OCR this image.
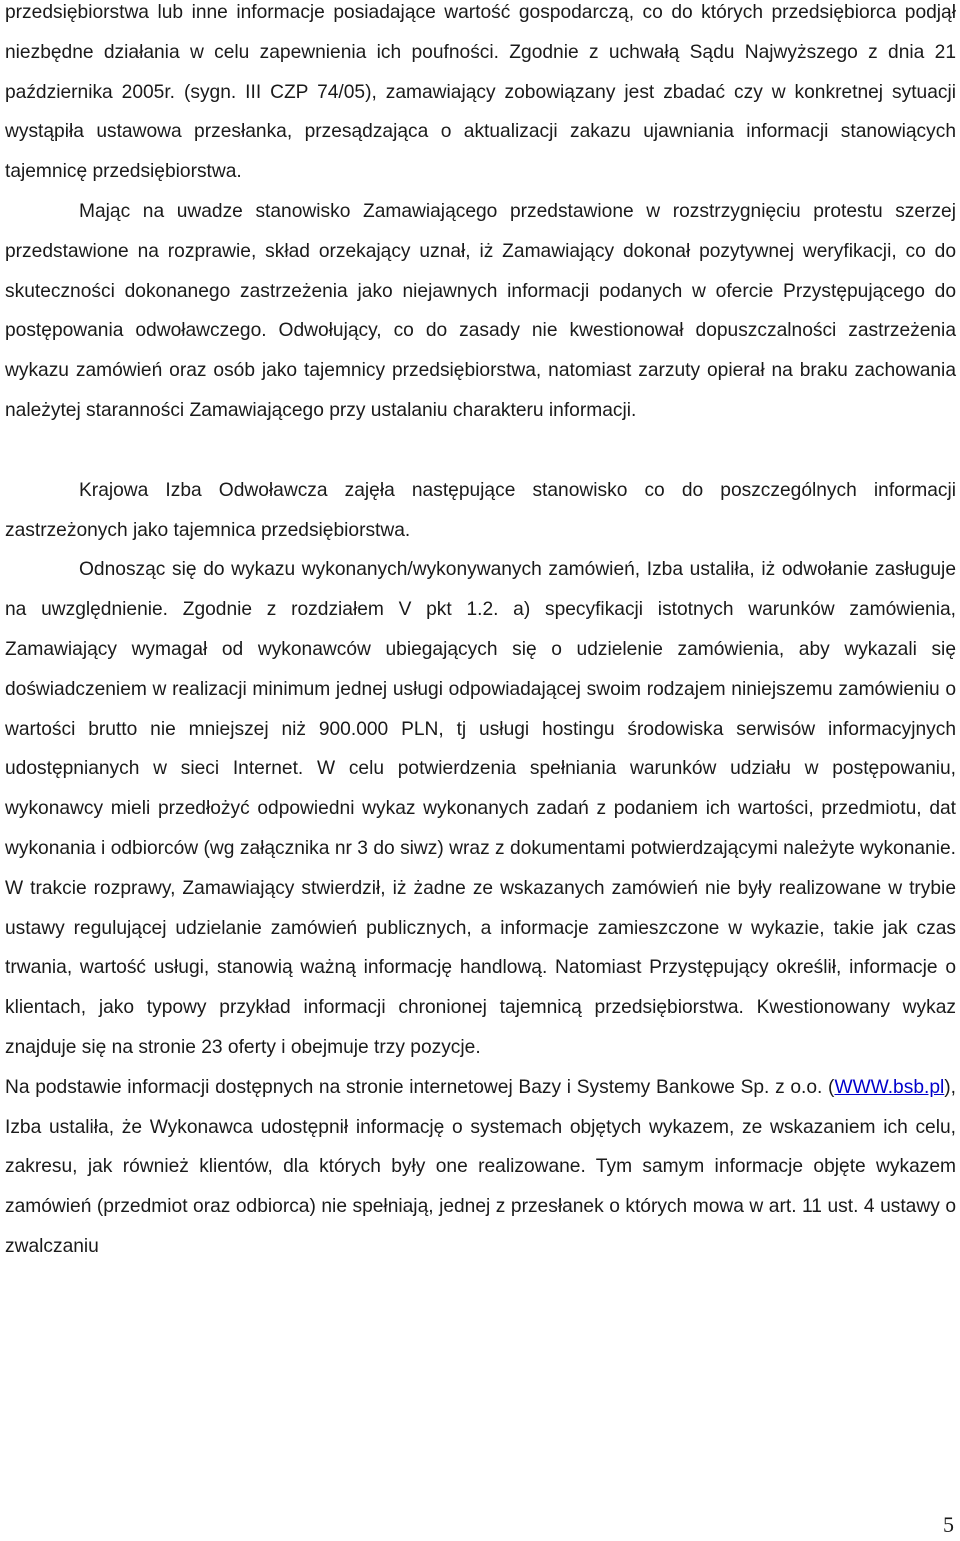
przedsiębiorstwa lub inne informacje posiadające wartość gospodarczą, co do których przedsiębiorca podjął niezbędne działania w celu zapewnienia ich poufności. Zgodnie z uchwałą Sądu Najwyższego z dnia 21 października 2005r. (sygn. III CZP 74/05), zamawiający zobowiązany jest zbadać czy w konkretnej sytuacji wystąpiła ustawowa przesłanka, przesądzająca o aktualizacji zakazu ujawniania informacji stanowiących tajemnicę przedsiębiorstwa.

Mając na uwadze stanowisko Zamawiającego przedstawione w rozstrzygnięciu protestu szerzej przedstawione na rozprawie, skład orzekający uznał, iż Zamawiający dokonał pozytywnej weryfikacji, co do skuteczności dokonanego zastrzeżenia jako niejawnych informacji podanych w ofercie Przystępującego do postępowania odwoławczego. Odwołujący, co do zasady nie kwestionował dopuszczalności zastrzeżenia wykazu zamówień oraz osób jako tajemnicy przedsiębiorstwa, natomiast zarzuty opierał na braku zachowania należytej staranności Zamawiającego przy ustalaniu charakteru informacji.

Krajowa Izba Odwoławcza zajęła następujące stanowisko co do poszczególnych informacji zastrzeżonych jako tajemnica przedsiębiorstwa.

Odnosząc się do wykazu wykonanych/wykonywanych zamówień, Izba ustaliła, iż odwołanie zasługuje na uwzględnienie. Zgodnie z rozdziałem V pkt 1.2. a) specyfikacji istotnych warunków zamówienia, Zamawiający wymagał od wykonawców ubiegających się o udzielenie zamówienia, aby wykazali się doświadczeniem w realizacji minimum jednej usługi odpowiadającej swoim rodzajem niniejszemu zamówieniu o wartości brutto nie mniejszej niż 900.000 PLN, tj usługi hostingu środowiska serwisów informacyjnych udostępnianych w sieci Internet. W celu potwierdzenia spełniania warunków udziału w postępowaniu, wykonawcy mieli przedłożyć odpowiedni wykaz wykonanych zadań z podaniem ich wartości, przedmiotu, dat wykonania i odbiorców (wg załącznika nr 3 do siwz) wraz z dokumentami potwierdzającymi należyte wykonanie. W trakcie rozprawy, Zamawiający stwierdził, iż żadne ze wskazanych zamówień nie były realizowane w trybie ustawy regulującej udzielanie zamówień publicznych, a informacje zamieszczone w wykazie, takie jak czas trwania, wartość usługi, stanowią ważną informację handlową. Natomiast Przystępujący określił, informacje o klientach, jako typowy przykład informacji chronionej tajemnicą przedsiębiorstwa. Kwestionowany wykaz znajduje się na stronie 23 oferty i obejmuje trzy pozycje.

Na podstawie informacji dostępnych na stronie internetowej Bazy i Systemy Bankowe Sp. z o.o. (WWW.bsb.pl), Izba ustaliła, że Wykonawca udostępnił informację o systemach objętych wykazem, ze wskazaniem ich celu, zakresu, jak również klientów, dla których były one realizowane. Tym samym informacje objęte wykazem zamówień (przedmiot oraz odbiorca) nie spełniają, jednej z przesłanek o których mowa w art. 11 ust. 4 ustawy o zwalczaniu

5
